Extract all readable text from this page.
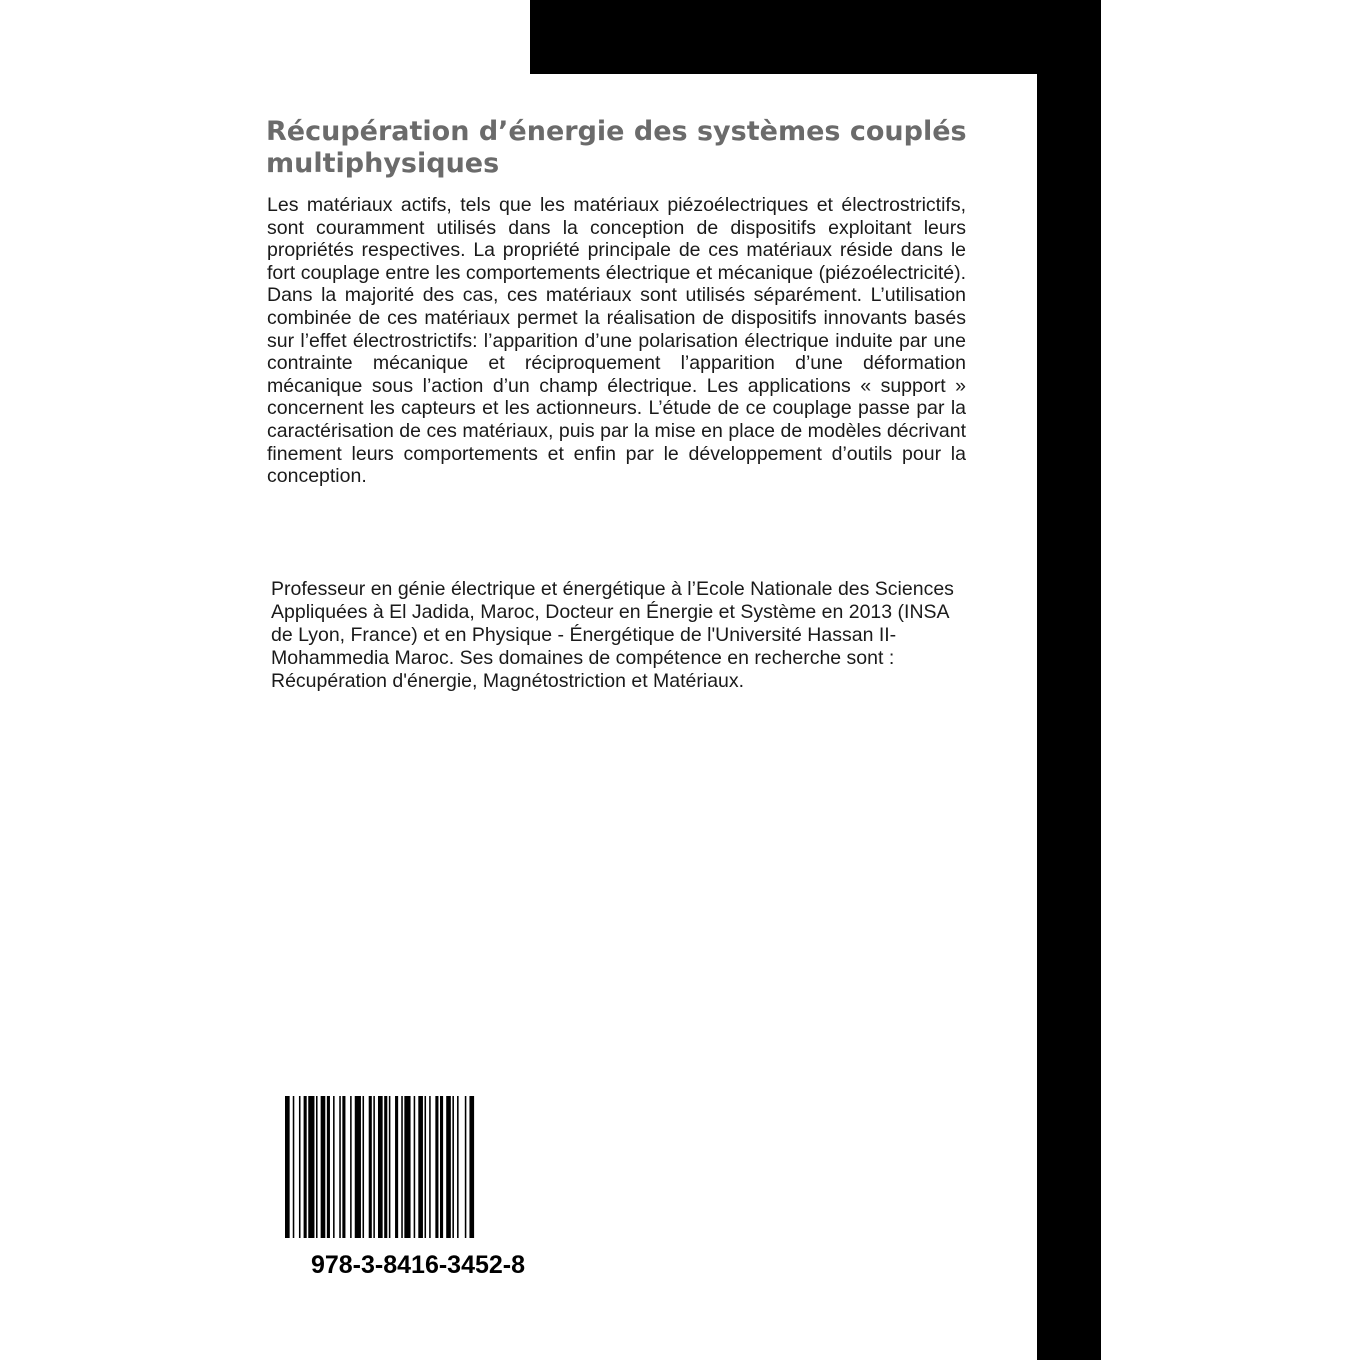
Récupération d’énergie des systèmes couplés multiphysiques

Les matériaux actifs, tels que les matériaux piézoélectriques et électrostrictifs, sont couramment utilisés dans la conception de dispositifs exploitant leurs propriétés respectives. La propriété principale de ces matériaux réside dans le fort couplage entre les comportements électrique et mécanique (piézoélectricité). Dans la majorité des cas, ces matériaux sont utilisés séparément. L’utilisation combinée de ces matériaux permet la réalisation de dispositifs innovants basés sur l’effet électrostrictifs: l’apparition d’une polarisation électrique induite par une contrainte mécanique et réciproquement l’apparition d’une déformation mécanique sous l’action d’un champ électrique. Les applications « support » concernent les capteurs et les actionneurs. L’étude de ce couplage passe par la caractérisation de ces matériaux, puis par la mise en place de modèles décrivant finement leurs comportements et enfin par le développement d’outils pour la conception.

Professeur en génie électrique et énergétique à l’Ecole Nationale des Sciences Appliquées à El Jadida, Maroc, Docteur en Énergie et Système en 2013 (INSA de Lyon, France) et en Physique - Énergétique de l'Université Hassan II-Mohammedia Maroc. Ses domaines de compétence en recherche sont : Récupération d'énergie, Magnétostriction et Matériaux.

978-3-8416-3452-8
